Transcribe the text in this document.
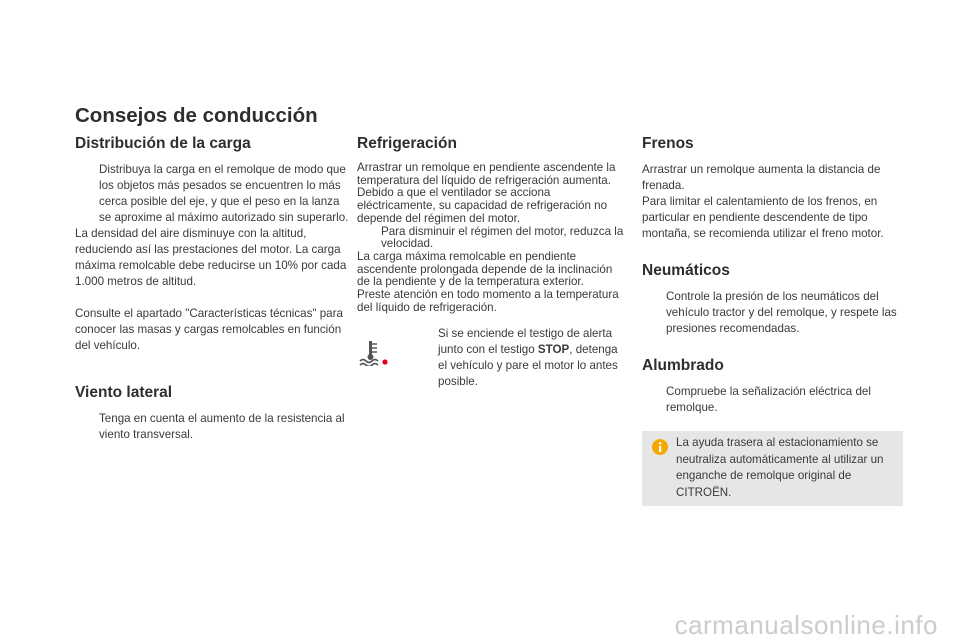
Consejos de conducción
Distribución de la carga
Distribuya la carga en el remolque de modo que los objetos más pesados se encuentren lo más cerca posible del eje, y que el peso en la lanza se aproxime al máximo autorizado sin superarlo.
La densidad del aire disminuye con la altitud, reduciendo así las prestaciones del motor. La carga máxima remolcable debe reducirse un 10% por cada 1.000 metros de altitud.
Consulte el apartado "Características técnicas" para conocer las masas y cargas remolcables en función del vehículo.
Viento lateral
Tenga en cuenta el aumento de la resistencia al viento transversal.
Refrigeración
Arrastrar un remolque en pendiente ascendente la temperatura del líquido de refrigeración aumenta.
Debido a que el ventilador se acciona eléctricamente, su capacidad de refrigeración no depende del régimen del motor.
Para disminuir el régimen del motor, reduzca la velocidad.
La carga máxima remolcable en pendiente ascendente prolongada depende de la inclinación de la pendiente y de la temperatura exterior.
Preste atención en todo momento a la temperatura del líquido de refrigeración.
Si se enciende el testigo de alerta junto con el testigo STOP, detenga el vehículo y pare el motor lo antes posible.
Frenos
Arrastrar un remolque aumenta la distancia de frenada.
Para limitar el calentamiento de los frenos, en particular en pendiente descendente de tipo montaña, se recomienda utilizar el freno motor.
Neumáticos
Controle la presión de los neumáticos del vehículo tractor y del remolque, y respete las presiones recomendadas.
Alumbrado
Compruebe la señalización eléctrica del remolque.
La ayuda trasera al estacionamiento se neutraliza automáticamente al utilizar un enganche de remolque original de CITROËN.
carmanualsonline.info
